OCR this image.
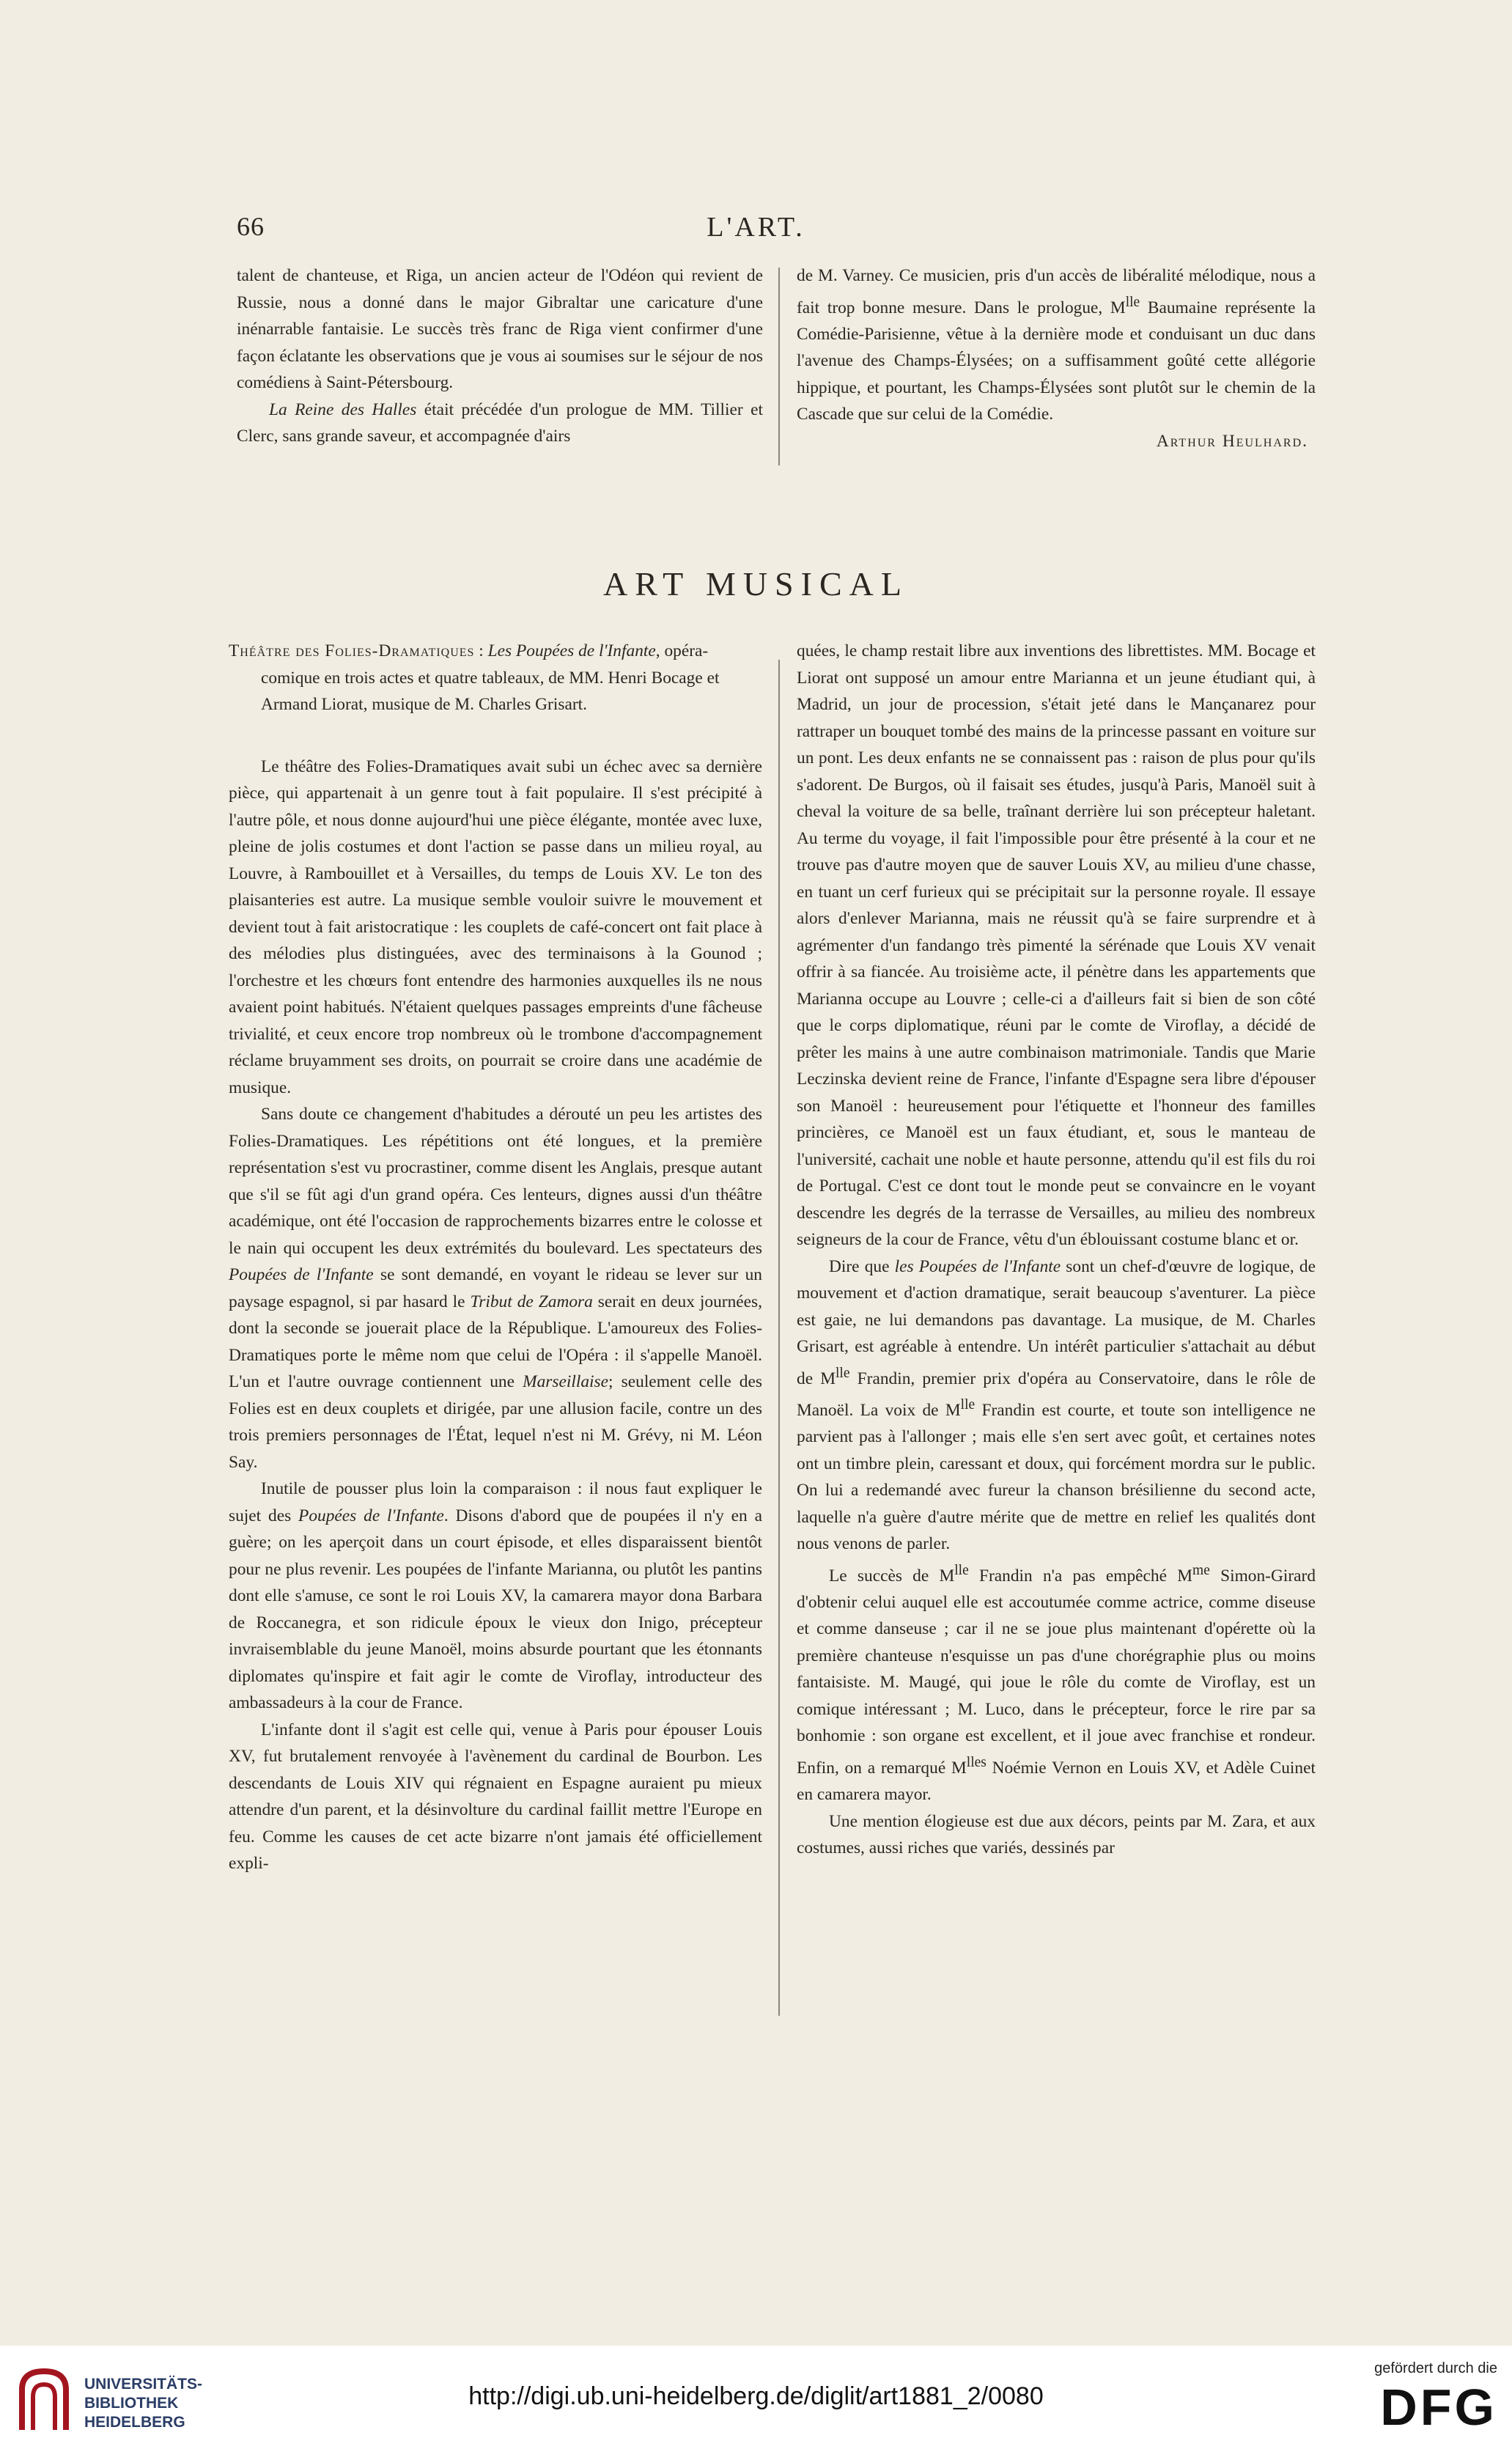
L'ART.
66

talent de chanteuse, et Riga, un ancien acteur de l'Odéon qui revient de Russie, nous a donné dans le major Gibraltar une caricature d'une inénarrable fantaisie. Le succès très franc de Riga vient confirmer d'une façon éclatante les observations que je vous ai soumises sur le séjour de nos comédiens à Saint-Pétersbourg.

La Reine des Halles était précédée d'un prologue de MM. Tillier et Clerc, sans grande saveur, et accompagnée d'airs

de M. Varney. Ce musicien, pris d'un accès de libéralité mélodique, nous a fait trop bonne mesure. Dans le prologue, $M^{lle}$ Baumaine représente la Comédie-Parisienne, vêtue à la dernière mode et conduisant un duc dans l'avenue des Champs-Élysées; on a suffisamment goûté cette allégorie hippique, et pourtant, les Champs-Élysées sont plutôt sur le chemin de la Cascade que sur celui de la Comédie.

Arthur Heulhard.

ART MUSICAL

Théâtre des Folies-Dramatiques : Les Poupées de l'Infante, opéra-comique en trois actes et quatre tableaux, de MM. Henri Bocage et Armand Liorat, musique de M. Charles Grisart.

Le théâtre des Folies-Dramatiques avait subi un échec avec sa dernière pièce, qui appartenait à un genre tout à fait populaire. Il s'est précipité à l'autre pôle, et nous donne aujourd'hui une pièce élégante, montée avec luxe, pleine de jolis costumes et dont l'action se passe dans un milieu royal, au Louvre, à Rambouillet et à Versailles, du temps de Louis XV. Le ton des plaisanteries est autre. La musique semble vouloir suivre le mouvement et devient tout à fait aristocratique : les couplets de café-concert ont fait place à des mélodies plus distinguées, avec des terminaisons à la Gounod ; l'orchestre et les chœurs font entendre des harmonies auxquelles ils ne nous avaient point habitués. N'étaient quelques passages empreints d'une fâcheuse trivialité, et ceux encore trop nombreux où le trombone d'accompagnement réclame bruyamment ses droits, on pourrait se croire dans une académie de musique.

Sans doute ce changement d'habitudes a dérouté un peu les artistes des Folies-Dramatiques. Les répétitions ont été longues, et la première représentation s'est vu procrastiner, comme disent les Anglais, presque autant que s'il se fût agi d'un grand opéra. Ces lenteurs, dignes aussi d'un théâtre académique, ont été l'occasion de rapprochements bizarres entre le colosse et le nain qui occupent les deux extrémités du boulevard. Les spectateurs des Poupées de l'Infante se sont demandé, en voyant le rideau se lever sur un paysage espagnol, si par hasard le Tribut de Zamora serait en deux journées, dont la seconde se jouerait place de la République. L'amoureux des Folies-Dramatiques porte le même nom que celui de l'Opéra : il s'appelle Manoël. L'un et l'autre ouvrage contiennent une Marseillaise; seulement celle des Folies est en deux couplets et dirigée, par une allusion facile, contre un des trois premiers personnages de l'État, lequel n'est ni M. Grévy, ni M. Léon Say.

Inutile de pousser plus loin la comparaison : il nous faut expliquer le sujet des Poupées de l'Infante. Disons d'abord que de poupées il n'y en a guère; on les aperçoit dans un court épisode, et elles disparaissent bientôt pour ne plus revenir. Les poupées de l'infante Marianna, ou plutôt les pantins dont elle s'amuse, ce sont le roi Louis XV, la camarera mayor dona Barbara de Roccanegra, et son ridicule époux le vieux don Inigo, précepteur invraisemblable du jeune Manoël, moins absurde pourtant que les étonnants diplomates qu'inspire et fait agir le comte de Viroflay, introducteur des ambassadeurs à la cour de France.

L'infante dont il s'agit est celle qui, venue à Paris pour épouser Louis XV, fut brutalement renvoyée à l'avènement du cardinal de Bourbon. Les descendants de Louis XIV qui régnaient en Espagne auraient pu mieux attendre d'un parent, et la désinvolture du cardinal faillit mettre l'Europe en feu. Comme les causes de cet acte bizarre n'ont jamais été officiellement expli-

quées, le champ restait libre aux inventions des librettistes. MM. Bocage et Liorat ont supposé un amour entre Marianna et un jeune étudiant qui, à Madrid, un jour de procession, s'était jeté dans le Mançanarez pour rattraper un bouquet tombé des mains de la princesse passant en voiture sur un pont. Les deux enfants ne se connaissent pas : raison de plus pour qu'ils s'adorent. De Burgos, où il faisait ses études, jusqu'à Paris, Manoël suit à cheval la voiture de sa belle, traînant derrière lui son précepteur haletant. Au terme du voyage, il fait l'impossible pour être présenté à la cour et ne trouve pas d'autre moyen que de sauver Louis XV, au milieu d'une chasse, en tuant un cerf furieux qui se précipitait sur la personne royale. Il essaye alors d'enlever Marianna, mais ne réussit qu'à se faire surprendre et à agrémenter d'un fandango très pimenté la sérénade que Louis XV venait offrir à sa fiancée. Au troisième acte, il pénètre dans les appartements que Marianna occupe au Louvre ; celle-ci a d'ailleurs fait si bien de son côté que le corps diplomatique, réuni par le comte de Viroflay, a décidé de prêter les mains à une autre combinaison matrimoniale. Tandis que Marie Leczinska devient reine de France, l'infante d'Espagne sera libre d'épouser son Manoël : heureusement pour l'étiquette et l'honneur des familles princières, ce Manoël est un faux étudiant, et, sous le manteau de l'université, cachait une noble et haute personne, attendu qu'il est fils du roi de Portugal. C'est ce dont tout le monde peut se convaincre en le voyant descendre les degrés de la terrasse de Versailles, au milieu des nombreux seigneurs de la cour de France, vêtu d'un éblouissant costume blanc et or.

Dire que les Poupées de l'Infante sont un chef-d'œuvre de logique, de mouvement et d'action dramatique, serait beaucoup s'aventurer. La pièce est gaie, ne lui demandons pas davantage. La musique, de M. Charles Grisart, est agréable à entendre. Un intérêt particulier s'attachait au début de $M^{lle}$ Frandin, premier prix d'opéra au Conservatoire, dans le rôle de Manoël. La voix de $M^{lle}$ Frandin est courte, et toute son intelligence ne parvient pas à l'allonger ; mais elle s'en sert avec goût, et certaines notes ont un timbre plein, caressant et doux, qui forcément mordra sur le public. On lui a redemandé avec fureur la chanson brésilienne du second acte, laquelle n'a guère d'autre mérite que de mettre en relief les qualités dont nous venons de parler.

Le succès de $M^{lle}$ Frandin n'a pas empêché $M^{me}$ Simon-Girard d'obtenir celui auquel elle est accoutumée comme actrice, comme diseuse et comme danseuse ; car il ne se joue plus maintenant d'opérette où la première chanteuse n'esquisse un pas d'une chorégraphie plus ou moins fantaisiste. M. Maugé, qui joue le rôle du comte de Viroflay, est un comique intéressant ; M. Luco, dans le précepteur, force le rire par sa bonhomie : son organe est excellent, et il joue avec franchise et rondeur. Enfin, on a remarqué $M^{lles}$ Noémie Vernon en Louis XV, et Adèle Cuinet en camarera mayor.

Une mention élogieuse est due aux décors, peints par M. Zara, et aux costumes, aussi riches que variés, dessinés par

UNIVERSITÄTS-
BIBLIOTHEK
HEIDELBERG
http://digi.ub.uni-heidelberg.de/diglit/art1881_2/0080
gefördert durch die
DFG
